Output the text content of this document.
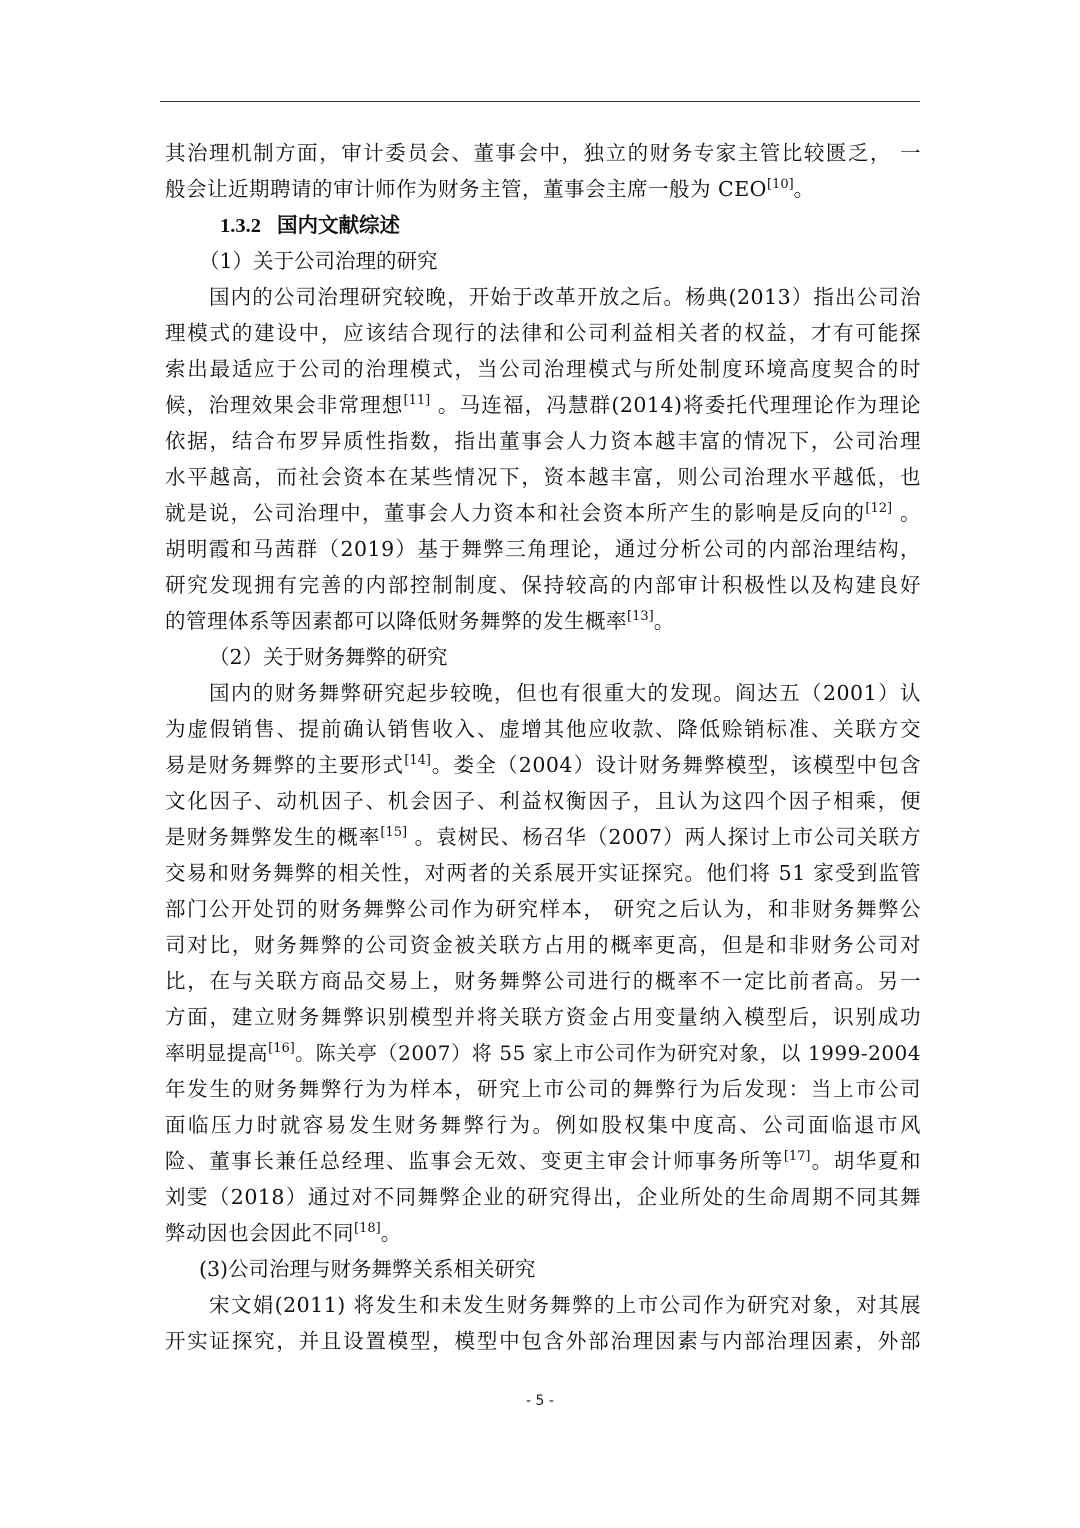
其治理机制方面，审计委员会、董事会中，独立的财务专家主管比较匮乏， 一
般会让近期聘请的审计师作为财务主管，董事会主席一般为 CEO[10]。
1.3.2 国内文献综述
（1）关于公司治理的研究
国内的公司治理研究较晚，开始于改革开放之后。杨典(2013）指出公司治
理模式的建设中，应该结合现行的法律和公司利益相关者的权益，才有可能探
索出最适应于公司的治理模式，当公司治理模式与所处制度环境高度契合的时
候，治理效果会非常理想[11] 。马连福，冯慧群(2014)将委托代理理论作为理论
依据，结合布罗异质性指数，指出董事会人力资本越丰富的情况下，公司治理
水平越高，而社会资本在某些情况下，资本越丰富，则公司治理水平越低，也
就是说，公司治理中，董事会人力资本和社会资本所产生的影响是反向的[12] 。
胡明霞和马茜群（2019）基于舞弊三角理论，通过分析公司的内部治理结构，
研究发现拥有完善的内部控制制度、保持较高的内部审计积极性以及构建良好
的管理体系等因素都可以降低财务舞弊的发生概率[13]。
（2）关于财务舞弊的研究
国内的财务舞弊研究起步较晚，但也有很重大的发现。阎达五（2001）认
为虚假销售、提前确认销售收入、虚增其他应收款、降低赊销标准、关联方交
易是财务舞弊的主要形式[14]。娄全（2004）设计财务舞弊模型，该模型中包含
文化因子、动机因子、机会因子、利益权衡因子，且认为这四个因子相乘，便
是财务舞弊发生的概率[15] 。袁树民、杨召华（2007）两人探讨上市公司关联方
交易和财务舞弊的相关性，对两者的关系展开实证探究。他们将 51 家受到监管
部门公开处罚的财务舞弊公司作为研究样本， 研究之后认为，和非财务舞弊公
司对比，财务舞弊的公司资金被关联方占用的概率更高，但是和非财务公司对
比，在与关联方商品交易上，财务舞弊公司进行的概率不一定比前者高。另一
方面，建立财务舞弊识别模型并将关联方资金占用变量纳入模型后，识别成功
率明显提高[16]。陈关亭（2007）将 55 家上市公司作为研究对象，以 1999-2004
年发生的财务舞弊行为为样本，研究上市公司的舞弊行为后发现：当上市公司
面临压力时就容易发生财务舞弊行为。例如股权集中度高、公司面临退市风
险、董事长兼任总经理、监事会无效、变更主审会计师事务所等[17]。胡华夏和
刘雯（2018）通过对不同舞弊企业的研究得出，企业所处的生命周期不同其舞
弊动因也会因此不同[18]。
(3)公司治理与财务舞弊关系相关研究
宋文娟(2011) 将发生和未发生财务舞弊的上市公司作为研究对象，对其展
开实证探究，并且设置模型，模型中包含外部治理因素与内部治理因素，外部
- 5 -
